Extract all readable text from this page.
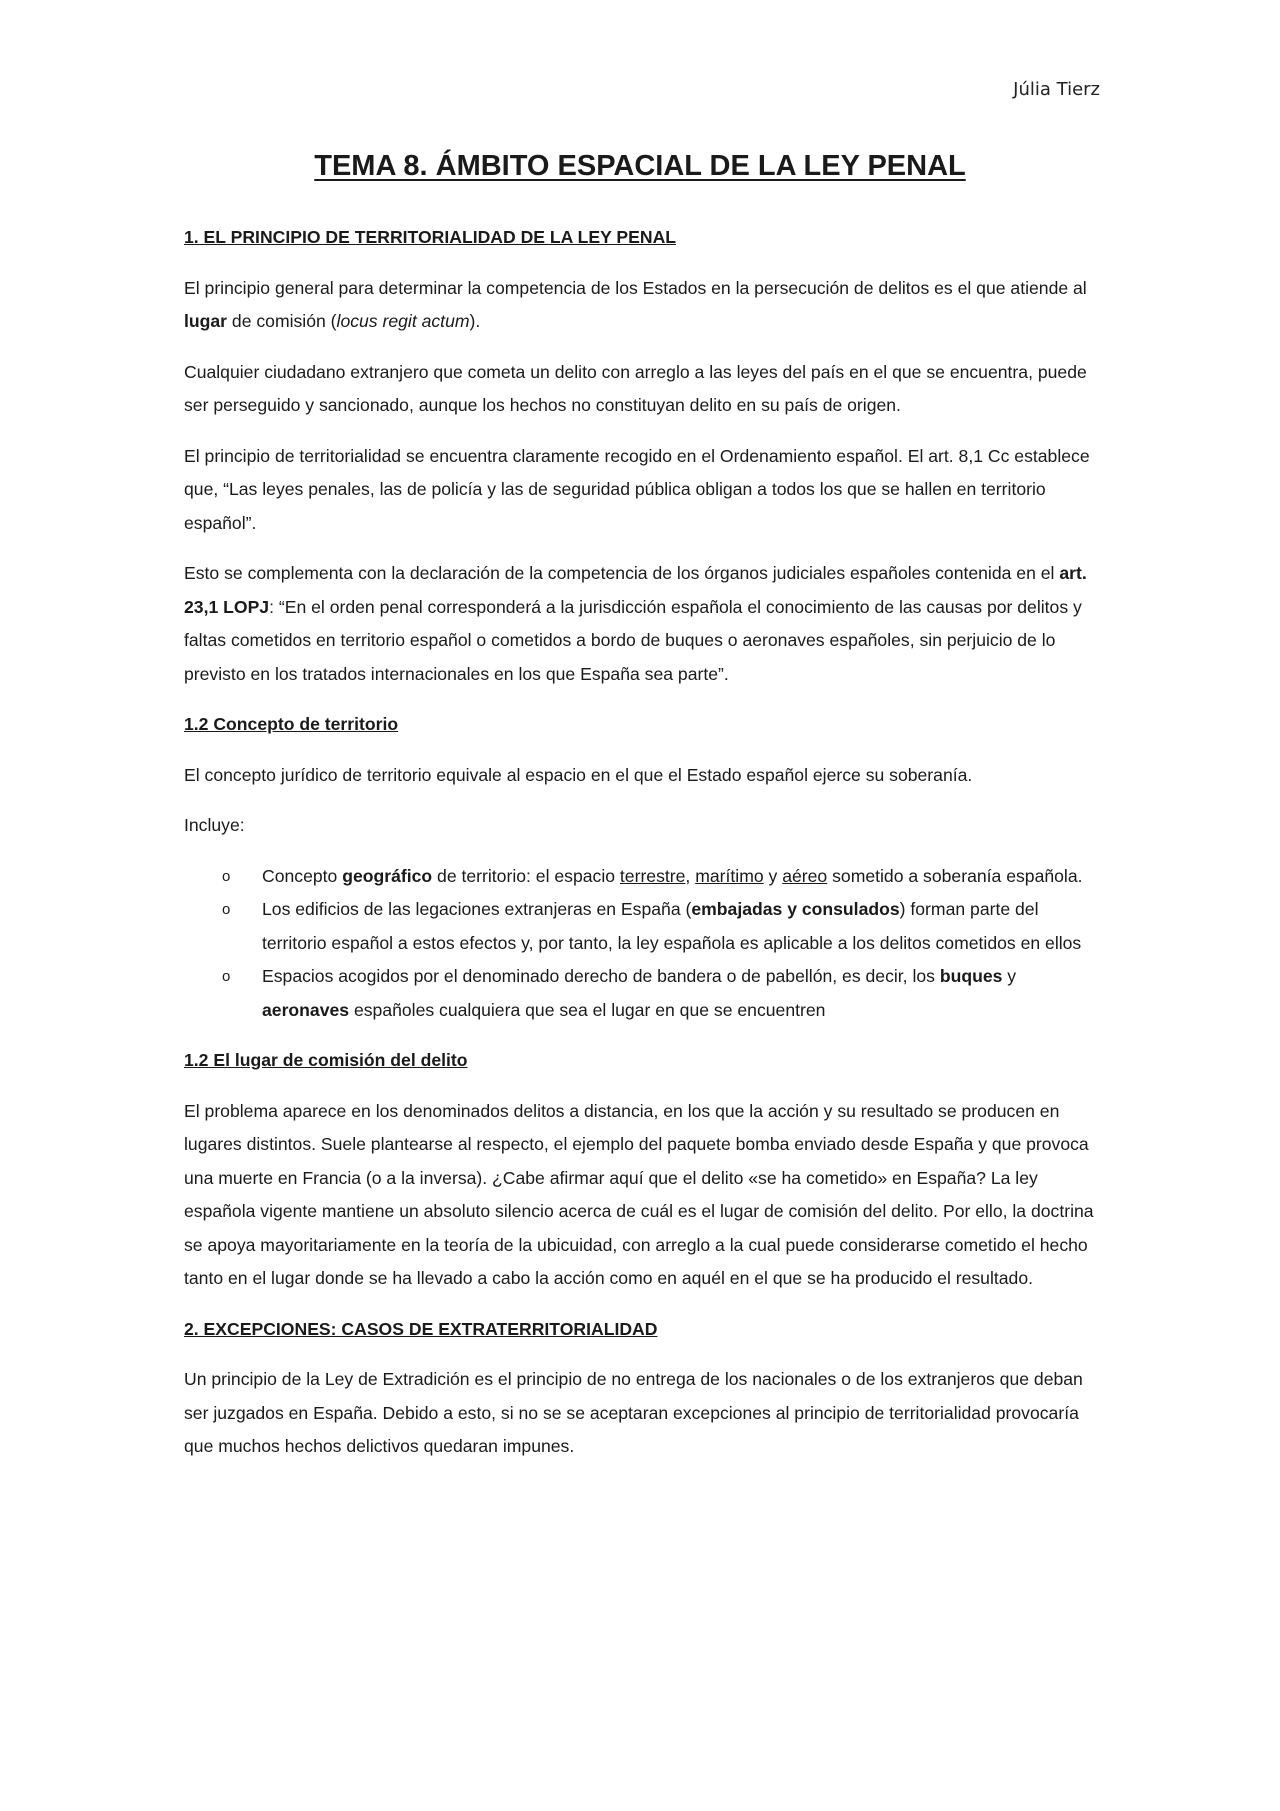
Júlia Tierz
TEMA 8. ÁMBITO ESPACIAL DE LA LEY PENAL
1. EL PRINCIPIO DE TERRITORIALIDAD DE LA LEY PENAL

El principio general para determinar la competencia de los Estados en la persecución de delitos es el que atiende al lugar de comisión (locus regit actum).

Cualquier ciudadano extranjero que cometa un delito con arreglo a las leyes del país en el que se encuentra, puede ser perseguido y sancionado, aunque los hechos no constituyan delito en su país de origen.

El principio de territorialidad se encuentra claramente recogido en el Ordenamiento español. El art. 8,1 Cc establece que, “Las leyes penales, las de policía y las de seguridad pública obligan a todos los que se hallen en territorio español”.

Esto se complementa con la declaración de la competencia de los órganos judiciales españoles contenida en el art. 23,1 LOPJ: “En el orden penal corresponderá a la jurisdicción española el conocimiento de las causas por delitos y faltas cometidos en territorio español o cometidos a bordo de buques o aeronaves españoles, sin perjuicio de lo previsto en los tratados internacionales en los que España sea parte”.

1.2 Concepto de territorio

El concepto jurídico de territorio equivale al espacio en el que el Estado español ejerce su soberanía.

Incluye:

o Concepto geográfico de territorio: el espacio terrestre, marítimo y aéreo sometido a soberanía española.
o Los edificios de las legaciones extranjeras en España (embajadas y consulados) forman parte del territorio español a estos efectos y, por tanto, la ley española es aplicable a los delitos cometidos en ellos
o Espacios acogidos por el denominado derecho de bandera o de pabellón, es decir, los buques y aeronaves españoles cualquiera que sea el lugar en que se encuentren
1.2 El lugar de comisión del delito

El problema aparece en los denominados delitos a distancia, en los que la acción y su resultado se producen en lugares distintos. Suele plantearse al respecto, el ejemplo del paquete bomba enviado desde España y que provoca una muerte en Francia (o a la inversa). ¿Cabe afirmar aquí que el delito «se ha cometido» en España? La ley española vigente mantiene un absoluto silencio acerca de cuál es el lugar de comisión del delito. Por ello, la doctrina se apoya mayoritariamente en la teoría de la ubicuidad, con arreglo a la cual puede considerarse cometido el hecho tanto en el lugar donde se ha llevado a cabo la acción como en aquél en el que se ha producido el resultado.

2. EXCEPCIONES: CASOS DE EXTRATERRITORIALIDAD

Un principio de la Ley de Extradición es el principio de no entrega de los nacionales o de los extranjeros que deban ser juzgados en España. Debido a esto, si no se se aceptaran excepciones al principio de territorialidad provocaría que muchos hechos delictivos quedaran impunes.
